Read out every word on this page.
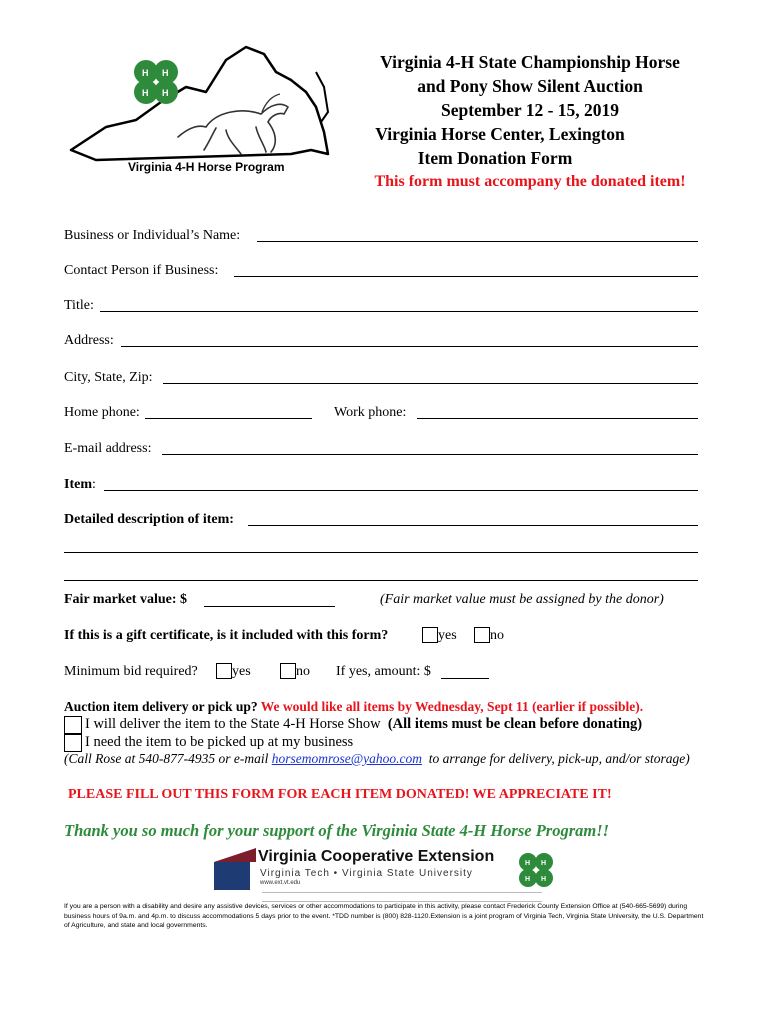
H H
H H
Virginia 4-H Horse Program
Virginia 4-H State Championship Horse
and Pony Show Silent Auction
September 12 - 15, 2019
Virginia Horse Center, Lexington
Item Donation Form
This form must accompany the donated item!
Business or Individual’s Name:
Contact Person if Business:
Title:
Address:
City, State, Zip:
Home phone:	Work phone:
E-mail address:
Item:
Detailed description of item:
Fair market value: $	(Fair market value must be assigned by the donor)
If this is a gift certificate, is it included with this form?	yes no
Minimum bid required? yes	no If yes, amount: $
Auction item delivery or pick up? We would like all items by Wednesday, Sept 11 (earlier if possible).
I will deliver the item to the State 4-H Horse Show (All items must be clean before donating)
I need the item to be picked up at my business
(Call Rose at 540-877-4935 or e-mail horsemomrose@yahoo.com to arrange for delivery, pick-up, and/or storage)
PLEASE FILL OUT THIS FORM FOR EACH ITEM DONATED! WE APPRECIATE IT!
Thank you so much for your support of the Virginia State 4-H Horse Program!!
Virginia Cooperative Extension
Virginia Tech • Virginia State University
www.ext.vt.edu
H H
H H
If you are a person with a disability and desire any assistive devices, services or other accommodations to participate in this activity, please contact Frederick County Extension Office at (540-665-5699) during business hours of 9a.m. and 4p.m. to discuss accommodations 5 days prior to the event. *TDD number is (800) 828-1120.Extension is a joint program of Virginia Tech, Virginia State University, the U.S. Department of Agriculture, and state and local governments.
